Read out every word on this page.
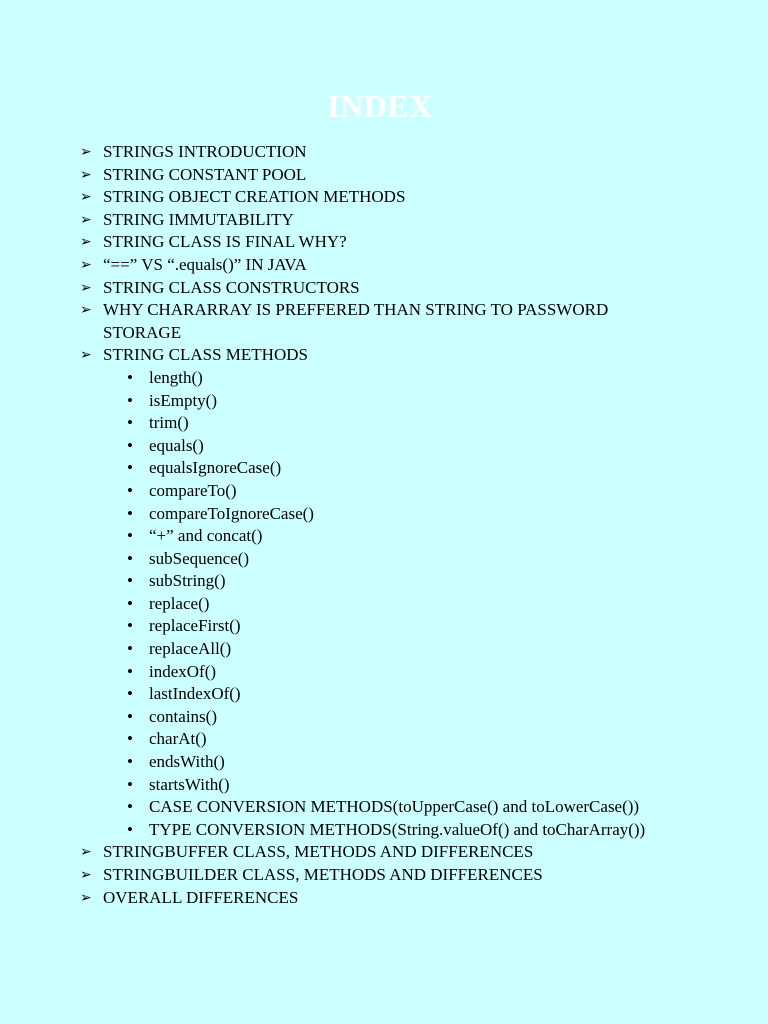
INDEX
➢ STRINGS INTRODUCTION
➢ STRING CONSTANT POOL
➢ STRING OBJECT CREATION METHODS
➢ STRING IMMUTABILITY
➢ STRING CLASS IS FINAL WHY?
➢ “==” VS “.equals()” IN JAVA
➢ STRING CLASS CONSTRUCTORS
➢ WHY CHARARRAY IS PREFFERED THAN STRING TO PASSWORD STORAGE
➢ STRING CLASS METHODS
• length()
• isEmpty()
• trim()
• equals()
• equalsIgnoreCase()
• compareTo()
• compareToIgnoreCase()
• “+” and concat()
• subSequence()
• subString()
• replace()
• replaceFirst()
• replaceAll()
• indexOf()
• lastIndexOf()
• contains()
• charAt()
• endsWith()
• startsWith()
• CASE CONVERSION METHODS(toUpperCase() and toLowerCase())
• TYPE CONVERSION METHODS(String.valueOf() and toCharArray())
➢ STRINGBUFFER CLASS, METHODS AND DIFFERENCES
➢ STRINGBUILDER CLASS, METHODS AND DIFFERENCES
➢ OVERALL DIFFERENCES
